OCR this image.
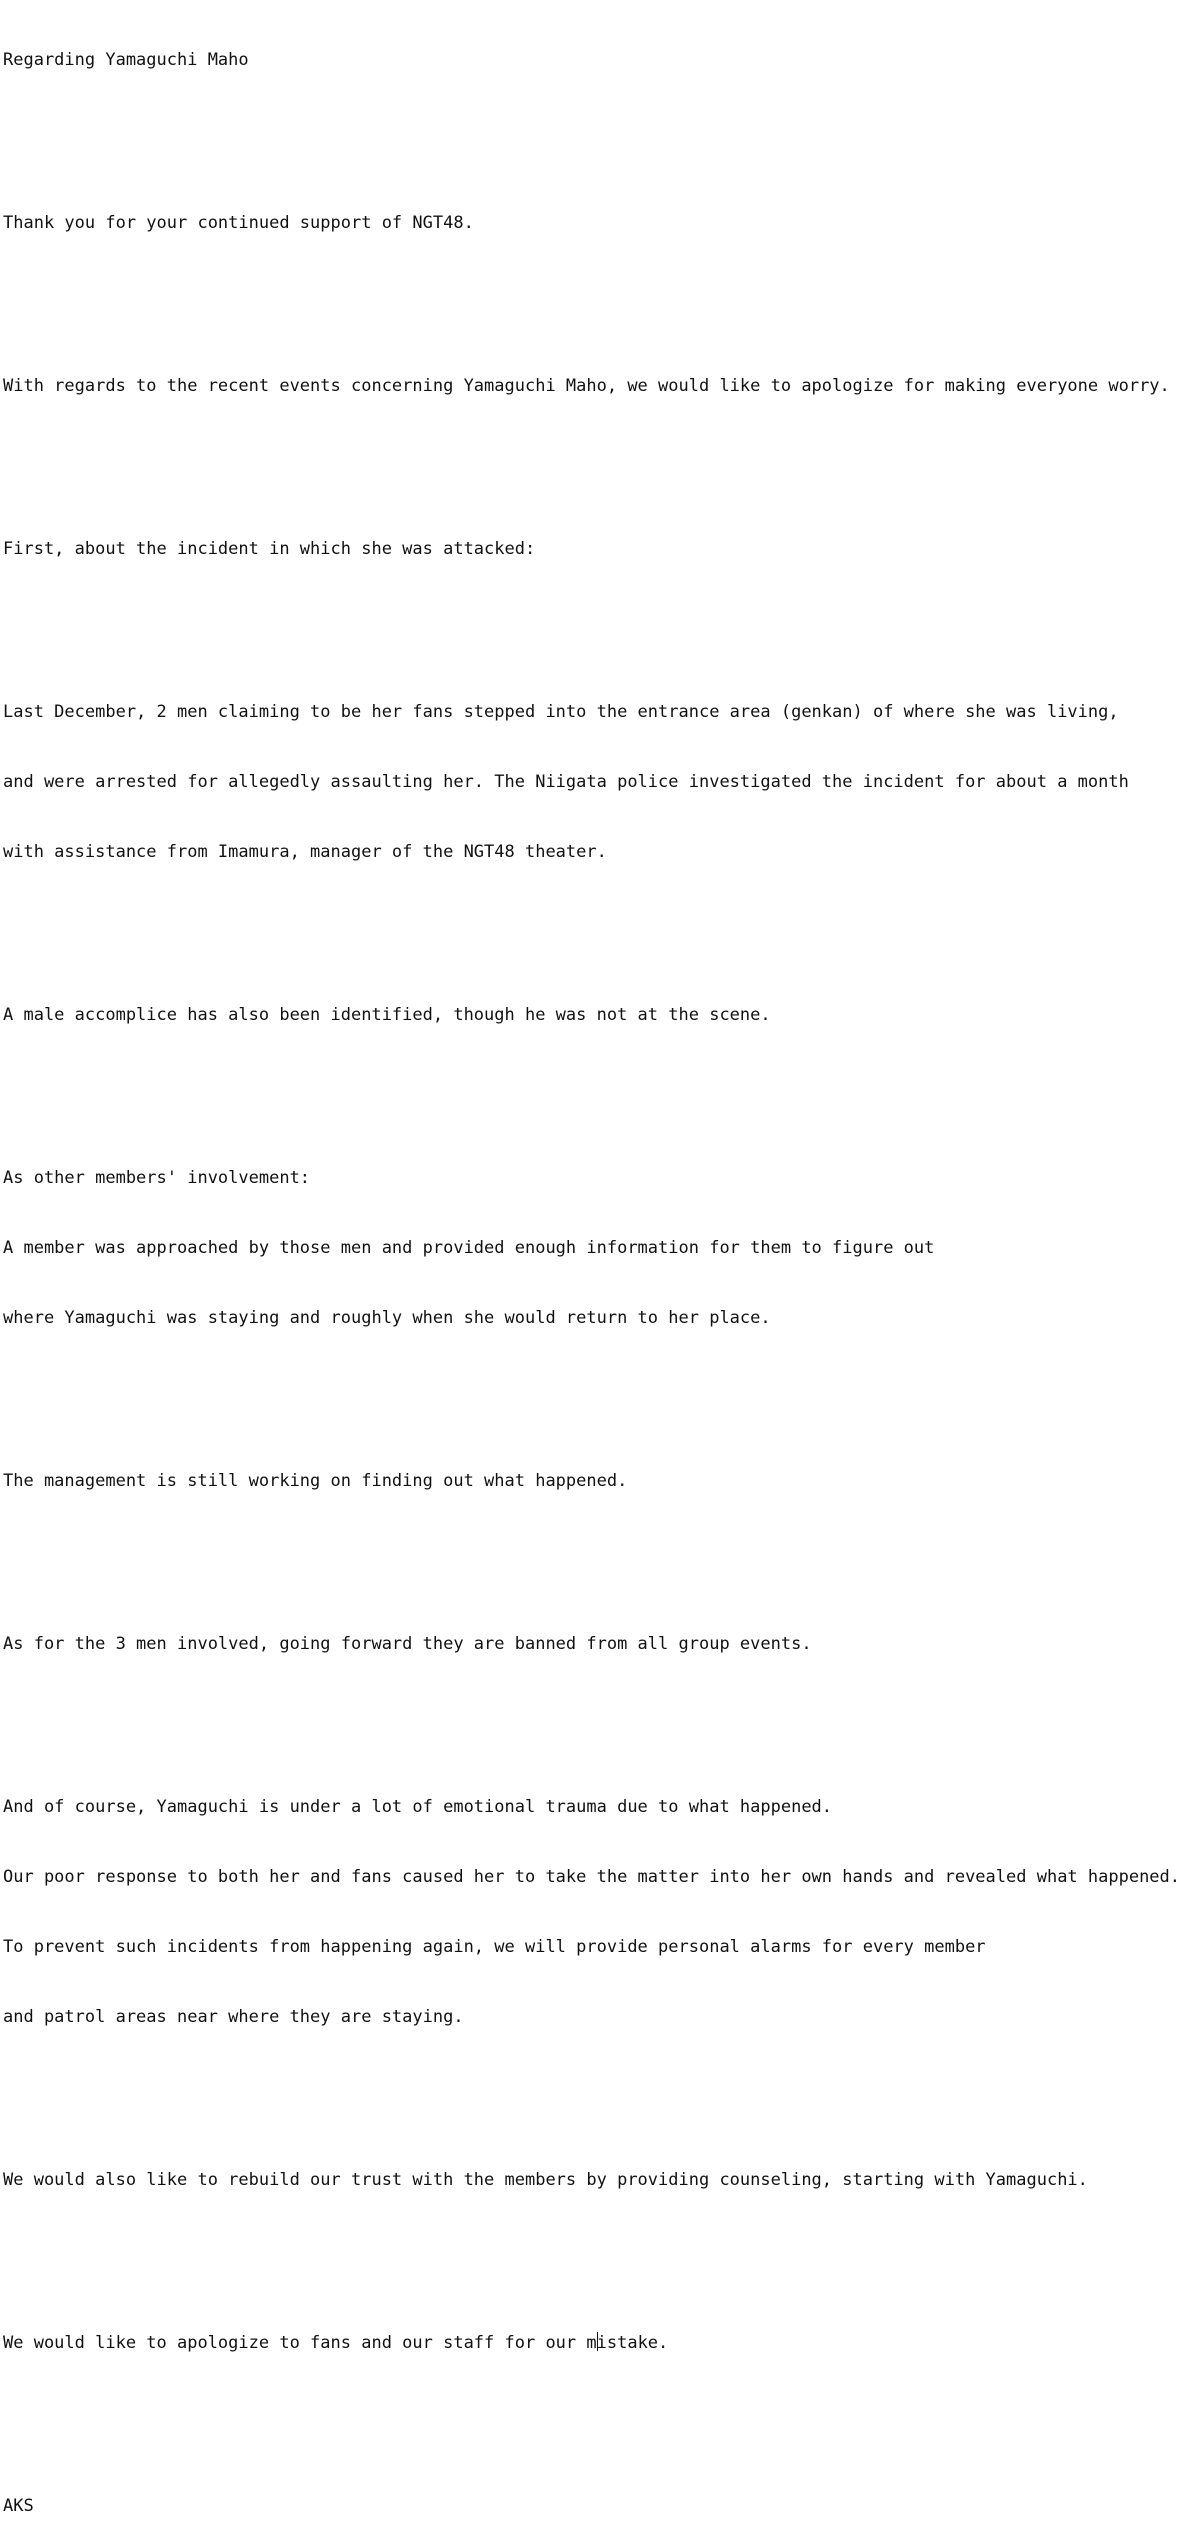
Regarding Yamaguchi Maho

Thank you for your continued support of NGT48.

With regards to the recent events concerning Yamaguchi Maho, we would like to apologize for making everyone worry.

First, about the incident in which she was attacked:

Last December, 2 men claiming to be her fans stepped into the entrance area (genkan) of where she was living,

and were arrested for allegedly assaulting her. The Niigata police investigated the incident for about a month

with assistance from Imamura, manager of the NGT48 theater.

A male accomplice has also been identified, though he was not at the scene.

As other members' involvement:

A member was approached by those men and provided enough information for them to figure out

where Yamaguchi was staying and roughly when she would return to her place.

The management is still working on finding out what happened.

As for the 3 men involved, going forward they are banned from all group events.

And of course, Yamaguchi is under a lot of emotional trauma due to what happened.

Our poor response to both her and fans caused her to take the matter into her own hands and revealed what happened.

To prevent such incidents from happening again, we will provide personal alarms for every member

and patrol areas near where they are staying.

We would also like to rebuild our trust with the members by providing counseling, starting with Yamaguchi.

We would like to apologize to fans and our staff for our mistake.

AKS
